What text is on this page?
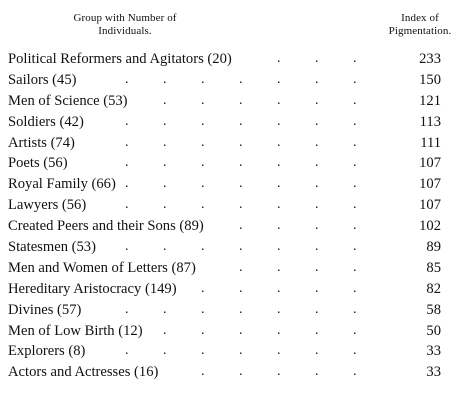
Group with Number of
Individuals.
Index of
Pigmentation.
Political Reformers and Agitators (20)	. . .	233
Sailors (45)	. . . . . . .	150
Men of Science (53)	. . . . . .	121
Soldiers (42)	. . . . . . .	113
Artists (74)	. . . . . . .	111
Poets (56)	. . . . . . .	107
Royal Family (66) . . . . . . .	107
Lawyers (56)	. . . . . . .	107
Created Peers and their Sons (89)	. . . .	102
Statesmen (53) . . . . . . .	89
Men and Women of Letters (87)	. . . .	85
Hereditary Aristocracy (149) . . . . .	82
Divines (57)	. . . . . . .	58
Men of Low Birth (12) . . . . . .	50
Explorers (8)	. . . . . . .	33
Actors and Actresses (16)	. . . . .	33
